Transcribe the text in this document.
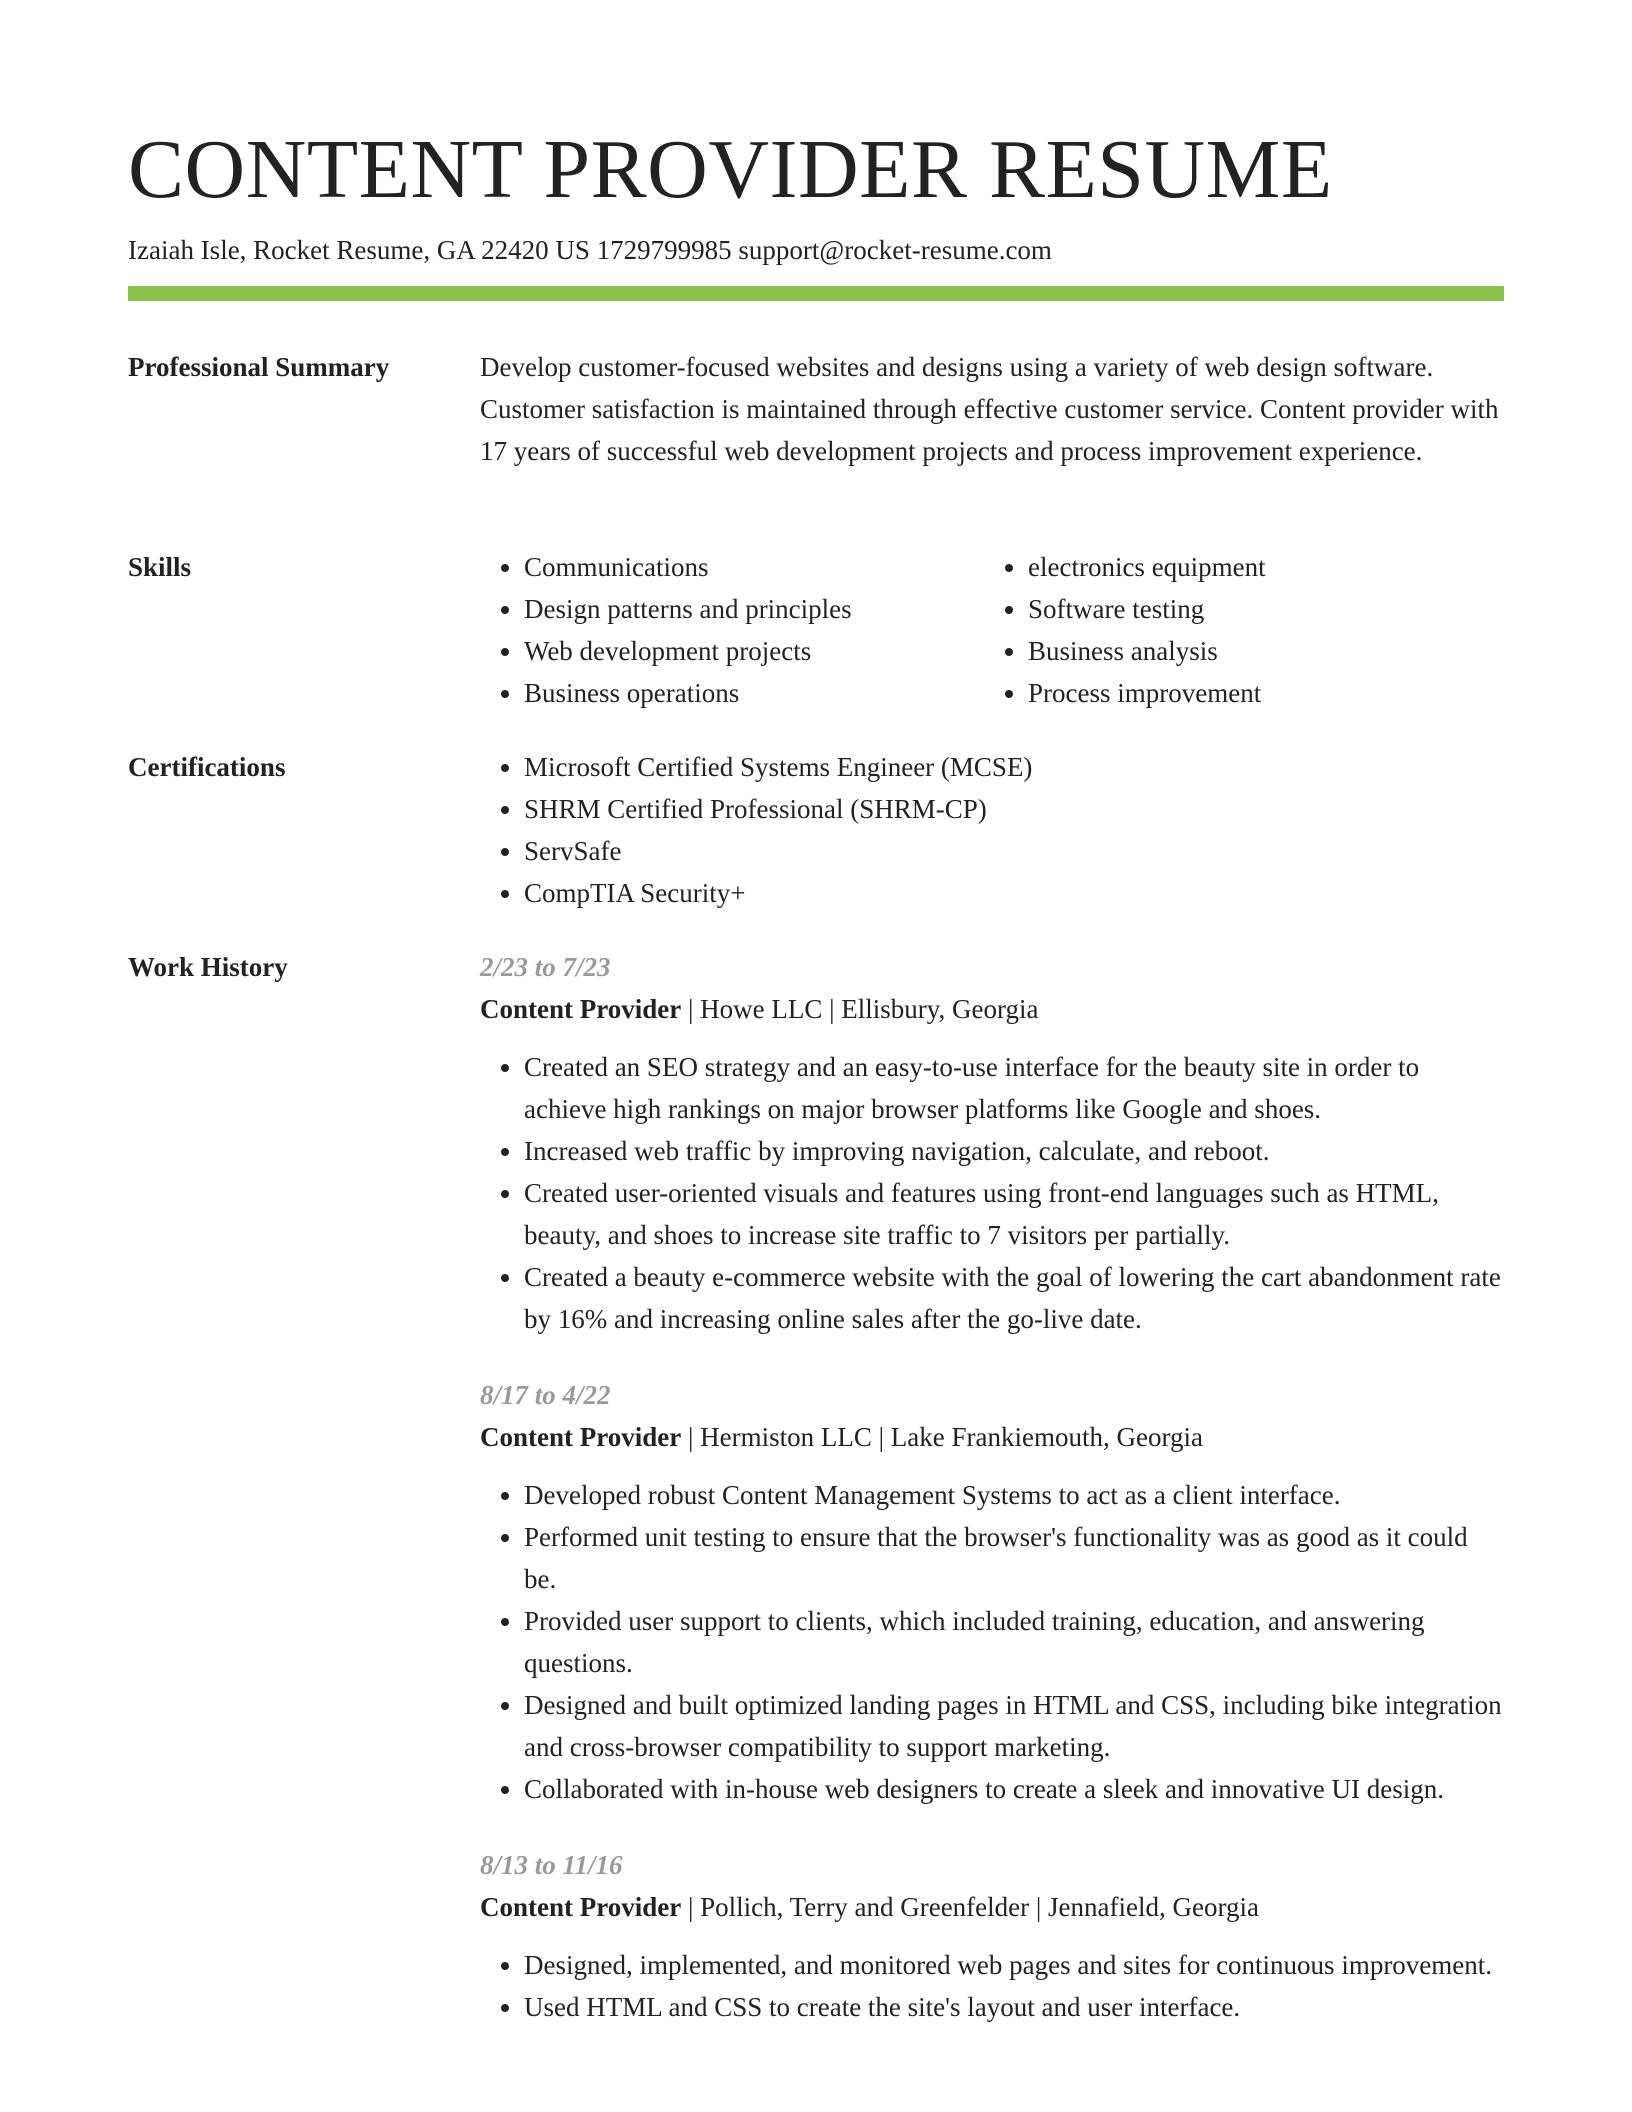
CONTENT PROVIDER RESUME
Izaiah Isle, Rocket Resume, GA 22420 US 1729799985 support@rocket-resume.com
Professional Summary	Develop customer-focused websites and designs using a variety of web design software. Customer satisfaction is maintained through effective customer service. Content provider with 17 years of successful web development projects and process improvement experience.

Skills	• Communications
• Design patterns and principles
• Web development projects
• Business operations
• electronics equipment
• Software testing
• Business analysis
• Process improvement
Certifications	• Microsoft Certified Systems Engineer (MCSE)
• SHRM Certified Professional (SHRM-CP)
• ServSafe
• CompTIA Security+
Work History	2/23 to 7/23
Content Provider | Howe LLC | Ellisbury, Georgia
• Created an SEO strategy and an easy-to-use interface for the beauty site in order to achieve high rankings on major browser platforms like Google and shoes.
• Increased web traffic by improving navigation, calculate, and reboot.
• Created user-oriented visuals and features using front-end languages such as HTML, beauty, and shoes to increase site traffic to 7 visitors per partially.
• Created a beauty e-commerce website with the goal of lowering the cart abandonment rate by 16% and increasing online sales after the go-live date.
8/17 to 4/22
Content Provider | Hermiston LLC | Lake Frankiemouth, Georgia
• Developed robust Content Management Systems to act as a client interface.
• Performed unit testing to ensure that the browser's functionality was as good as it could be.
• Provided user support to clients, which included training, education, and answering questions.
• Designed and built optimized landing pages in HTML and CSS, including bike integration and cross-browser compatibility to support marketing.
• Collaborated with in-house web designers to create a sleek and innovative UI design.
8/13 to 11/16
Content Provider | Pollich, Terry and Greenfelder | Jennafield, Georgia
• Designed, implemented, and monitored web pages and sites for continuous improvement.
• Used HTML and CSS to create the site's layout and user interface.
